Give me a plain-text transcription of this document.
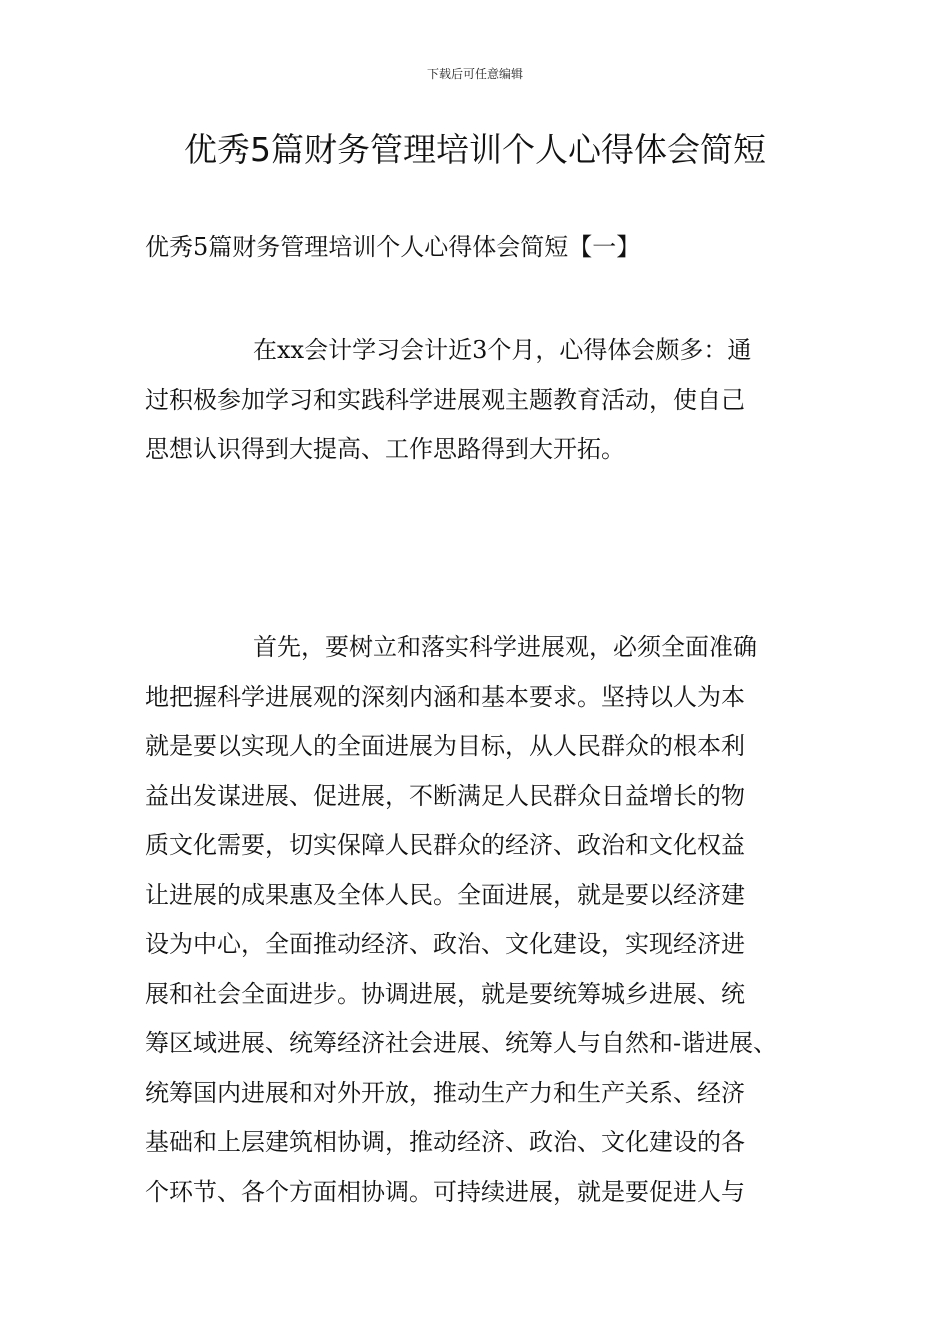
下载后可任意编辑
优秀5篇财务管理培训个人心得体会简短
优秀5篇财务管理培训个人心得体会简短【一】

在xx会计学习会计近3个月，心得体会颇多：通
过积极参加学习和实践科学进展观主题教育活动，使自己
思想认识得到大提高、工作思路得到大开拓。

首先，要树立和落实科学进展观，必须全面准确
地把握科学进展观的深刻内涵和基本要求。坚持以人为本
就是要以实现人的全面进展为目标，从人民群众的根本利
益出发谋进展、促进展，不断满足人民群众日益增长的物
质文化需要，切实保障人民群众的经济、政治和文化权益
让进展的成果惠及全体人民。全面进展，就是要以经济建
设为中心，全面推动经济、政治、文化建设，实现经济进
展和社会全面进步。协调进展，就是要统筹城乡进展、统
筹区域进展、统筹经济社会进展、统筹人与自然和-谐进展、
统筹国内进展和对外开放，推动生产力和生产关系、经济
基础和上层建筑相协调，推动经济、政治、文化建设的各
个环节、各个方面相协调。可持续进展，就是要促进人与
